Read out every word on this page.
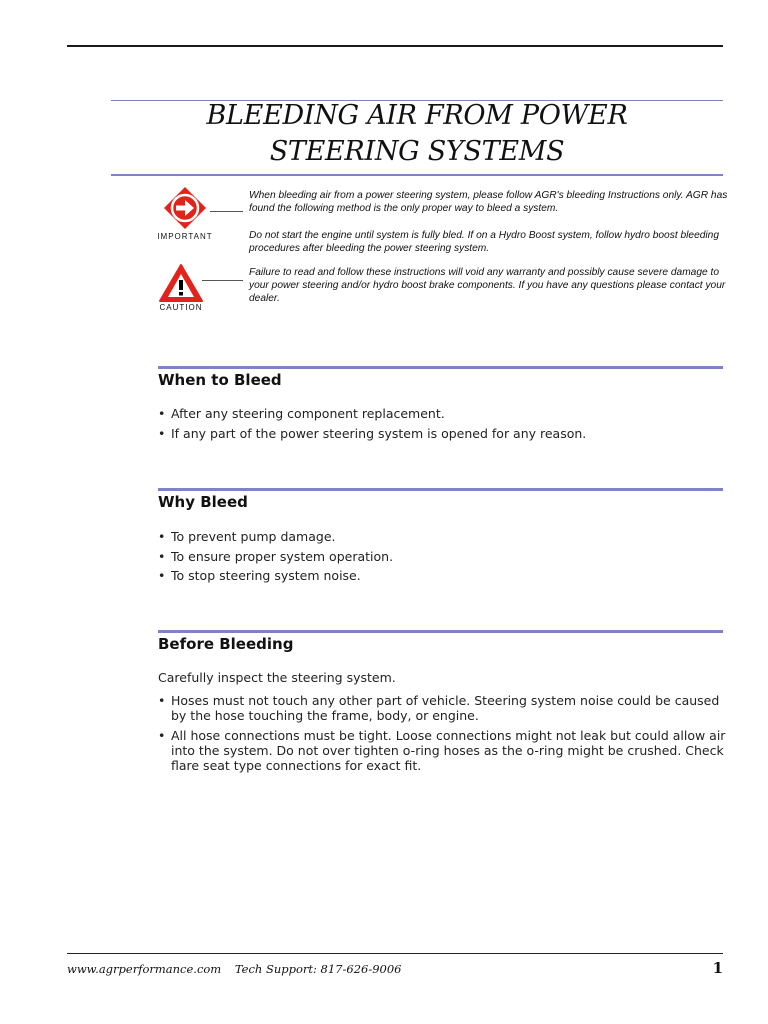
BLEEDING AIR FROM POWER
STEERING SYSTEMS
IMPORTANT

When bleeding air from a power steering system, please follow AGR's bleeding Instructions only. AGR has found the following method is the only proper way to bleed a system.

Do not start the engine until system is fully bled. If on a Hydro Boost system, follow hydro boost bleeding procedures after bleeding the power steering system.

CAUTION

Failure to read and follow these instructions will void any warranty and possibly cause severe damage to your power steering and/or hydro boost brake components. If you have any questions please contact your dealer.

When to Bleed
• After any steering component replacement.
• If any part of the power steering system is opened for any reason.
Why Bleed
• To prevent pump damage.
• To ensure proper system operation.
• To stop steering system noise.
Before Bleeding
Carefully inspect the steering system.
• Hoses must not touch any other part of vehicle. Steering system noise could be caused by the hose touching the frame, body, or engine.
• All hose connections must be tight. Loose connections might not leak but could allow air into the system. Do not over tighten o-ring hoses as the o-ring might be crushed. Check flare seat type connections for exact fit.
www.agrperformance.com Tech Support: 817-626-9006	1
